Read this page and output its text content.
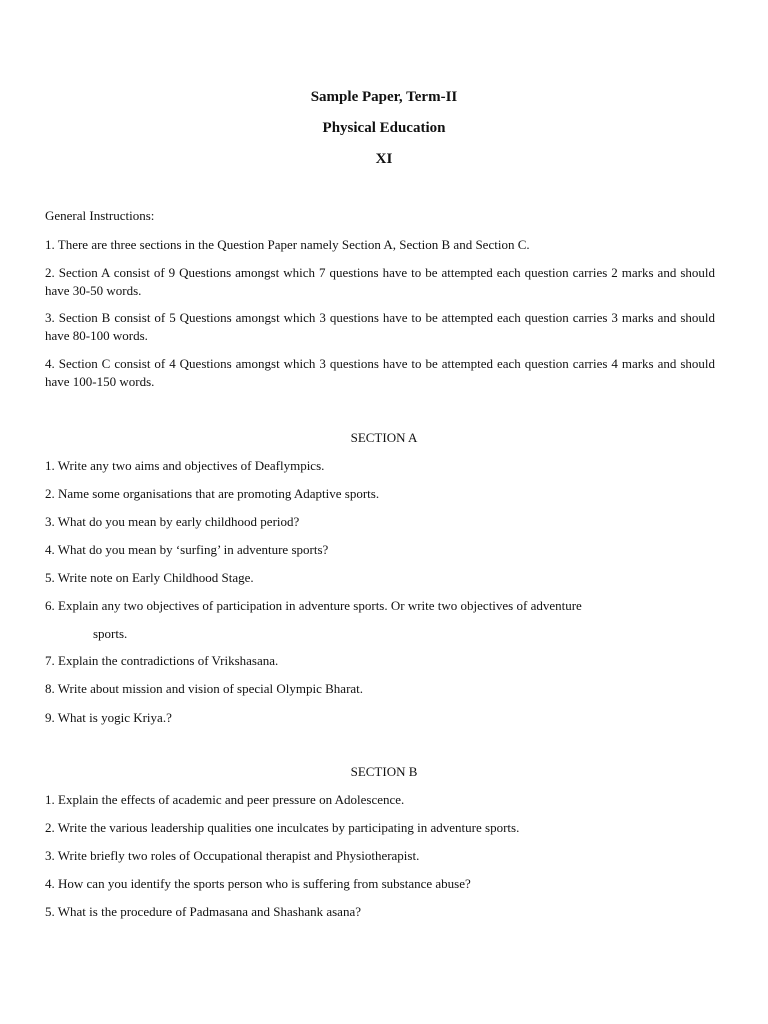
Sample Paper, Term-II

Physical Education

XI

General Instructions:

1. There are three sections in the Question Paper namely Section A, Section B and Section C.

2. Section A consist of 9 Questions amongst which 7 questions have to be attempted each question carries 2 marks and should have 30-50 words.

3. Section B consist of 5 Questions amongst which 3 questions have to be attempted each question carries 3 marks and should have 80-100 words.

4. Section C consist of 4 Questions amongst which 3 questions have to be attempted each question carries 4 marks and should have 100-150 words.

SECTION A

1. Write any two aims and objectives of Deaflympics.

2. Name some organisations that are promoting Adaptive sports.

3. What do you mean by early childhood period?

4. What do you mean by ‘surfing’ in adventure sports?

5. Write note on Early Childhood Stage.

6. Explain any two objectives of participation in adventure sports. Or write two objectives of adventure

sports.

7. Explain the contradictions of Vrikshasana.

8. Write about mission and vision of special Olympic Bharat.

9. What is yogic Kriya.?

SECTION B

1. Explain the effects of academic and peer pressure on Adolescence.

2. Write the various leadership qualities one inculcates by participating in adventure sports.

3. Write briefly two roles of Occupational therapist and Physiotherapist.

4. How can you identify the sports person who is suffering from substance abuse?

5. What is the procedure of Padmasana and Shashank asana?
